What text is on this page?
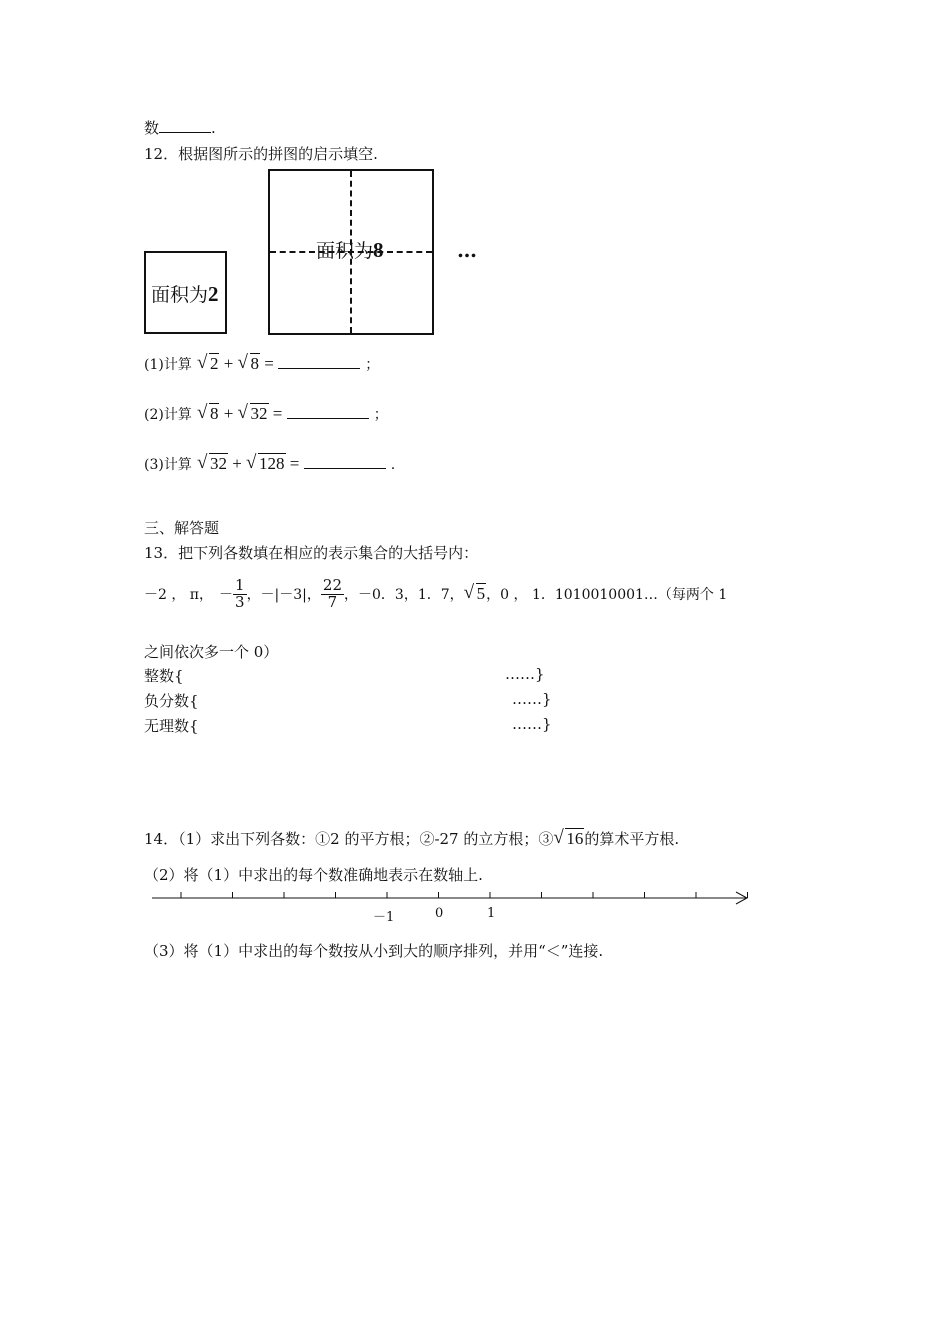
数	.
12．根据图所示的拼图的启示填空.
面积为2
面积为8	…
(1)计算 √ 2 + √ 8 =	；
(2)计算 √ 8 + √ 32 =	；
(3)计算 √ 32 + √ 128 =	.
三、解答题
13．把下列各数填在相应的表示集合的大括号内：
－2 ， π， － $\frac{1}{3}$ ，－|－3|， $\frac{22}{7}$ ，－0．3，1．7， √ 5 ，0 ， 1．1010010001…（每两个 1
之间依次多一个 0）
整数{	……}
负分数{	……}
无理数{	……}
14．（1）求出下列各数：①2 的平方根；②-27 的立方根；③ √ 16 的算术平方根.
（2）将（1）中求出的每个数准确地表示在数轴上.
－1	0	1
（3）将（1）中求出的每个数按从小到大的顺序排列，并用“＜”连接.
